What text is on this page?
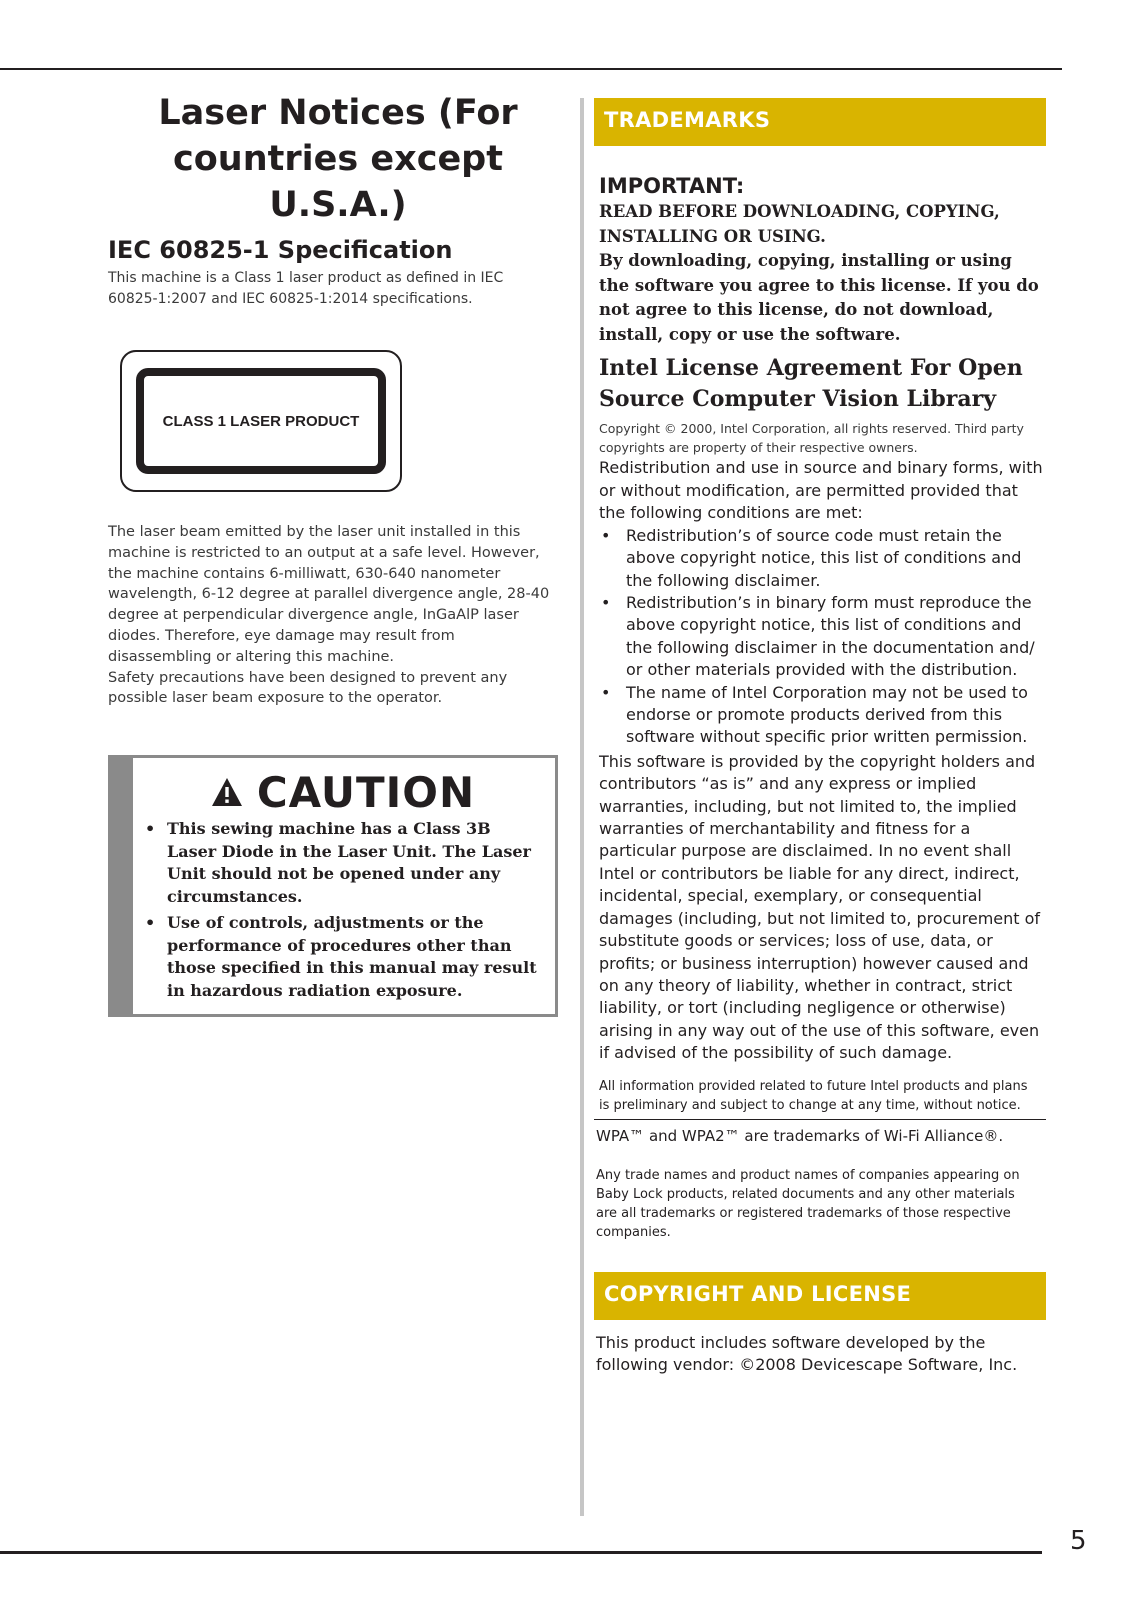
Laser Notices (For
countries except U.S.A.)
IEC 60825-1 Specification

This machine is a Class 1 laser product as defined in IEC 60825-1:2007 and IEC 60825-1:2014 specifications.

CLASS 1 LASER PRODUCT

The laser beam emitted by the laser unit installed in this machine is restricted to an output at a safe level. However, the machine contains 6-milliwatt, 630-640 nanometer wavelength, 6-12 degree at parallel divergence angle, 28-40 degree at perpendicular divergence angle, InGaAlP laser diodes. Therefore, eye damage may result from disassembling or altering this machine.

Safety precautions have been designed to prevent any possible laser beam exposure to the operator.

CAUTION
• This sewing machine has a Class 3B Laser Diode in the Laser Unit. The Laser Unit should not be opened under any circumstances.
• Use of controls, adjustments or the performance of procedures other than those specified in this manual may result in hazardous radiation exposure.
TRADEMARKS
IMPORTANT:

READ BEFORE DOWNLOADING, COPYING, INSTALLING OR USING.

By downloading, copying, installing or using the software you agree to this license. If you do not agree to this license, do not download, install, copy or use the software.

Intel License Agreement For Open Source Computer Vision Library

Copyright © 2000, Intel Corporation, all rights reserved. Third party copyrights are property of their respective owners.

Redistribution and use in source and binary forms, with or without modification, are permitted provided that the following conditions are met:

• Redistribution’s of source code must retain the above copyright notice, this list of conditions and the following disclaimer.
• Redistribution’s in binary form must reproduce the above copyright notice, this list of conditions and the following disclaimer in the documentation and/ or other materials provided with the distribution.
• The name of Intel Corporation may not be used to endorse or promote products derived from this software without specific prior written permission.

This software is provided by the copyright holders and contributors “as is” and any express or implied warranties, including, but not limited to, the implied warranties of merchantability and fitness for a particular purpose are disclaimed. In no event shall Intel or contributors be liable for any direct, indirect, incidental, special, exemplary, or consequential damages (including, but not limited to, procurement of substitute goods or services; loss of use, data, or profits; or business interruption) however caused and on any theory of liability, whether in contract, strict liability, or tort (including negligence or otherwise) arising in any way out of the use of this software, even if advised of the possibility of such damage.

All information provided related to future Intel products and plans is preliminary and subject to change at any time, without notice.

WPA™ and WPA2™ are trademarks of Wi-Fi Alliance®.

Any trade names and product names of companies appearing on Baby Lock products, related documents and any other materials are all trademarks or registered trademarks of those respective companies.

COPYRIGHT AND LICENSE

This product includes software developed by the following vendor: ©2008 Devicescape Software, Inc.

5
